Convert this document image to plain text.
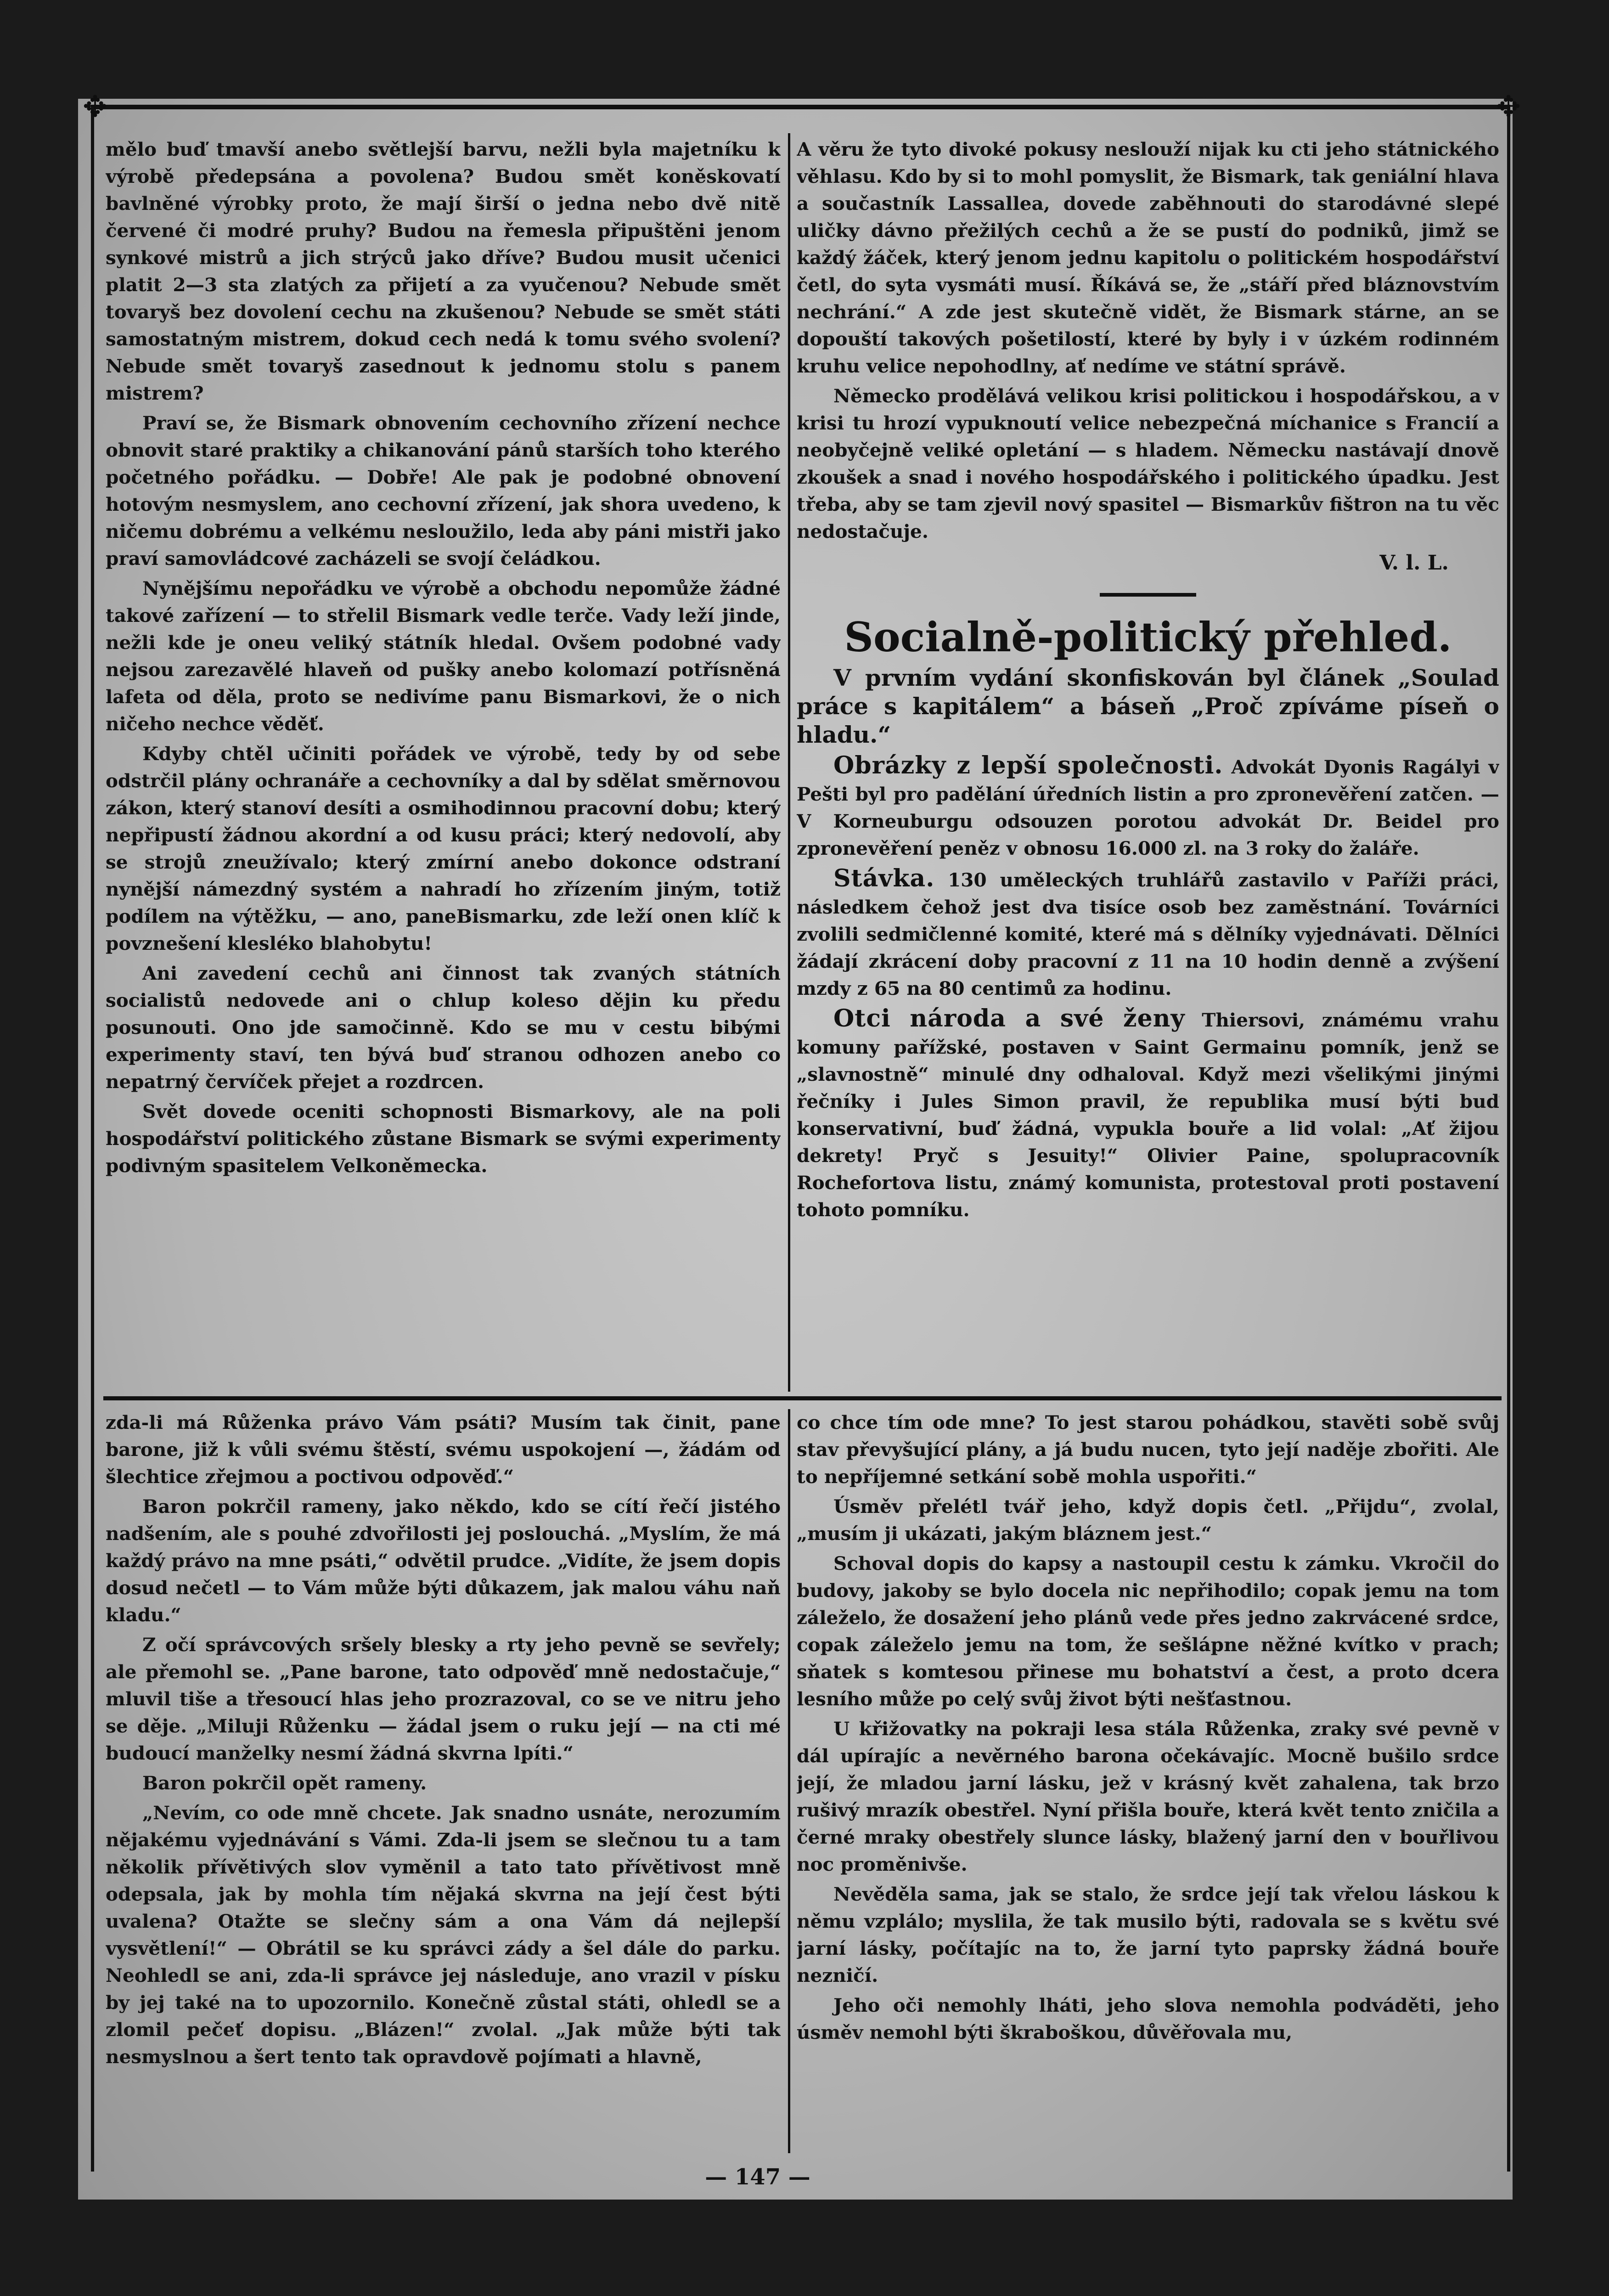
✥	✥

mělo buď tmavší anebo světlejší barvu, nežli byla majetníku k výrobě předepsána a povolena? Budou smět koněskovatí bavlněné výrobky proto, že mají širší o jedna nebo dvě nitě červené či modré pruhy? Budou na řemesla připuštěni jenom synkové mistrů a jich strýců jako dříve? Budou musit učenici platit 2—3 sta zlatých za přijetí a za vyučenou? Nebude smět tovaryš bez dovolení cechu na zkušenou? Nebude se smět státi samostatným mistrem, dokud cech nedá k tomu svého svolení? Nebude smět tovaryš zasednout k jednomu stolu s panem mistrem?

Praví se, že Bismark obnovením cechovního zřízení nechce obnovit staré praktiky a chikanování pánů starších toho kterého početného pořádku. — Dobře! Ale pak je podobné obnovení hotovým nesmyslem, ano cechovní zřízení, jak shora uvedeno, k ničemu dobrému a velkému nesloužilo, leda aby páni mistři jako praví samovládcové zacházeli se svojí čeládkou.

Nynějšímu nepořádku ve výrobě a obchodu nepomůže žádné takové zařízení — to střelil Bismark vedle terče. Vady leží jinde, nežli kde je oneu veliký státník hledal. Ovšem podobné vady nejsou zarezavělé hlaveň od pušky anebo kolomazí potřísněná lafeta od děla, proto se nedivíme panu Bismarkovi, že o nich ničeho nechce věděť.

Kdyby chtěl učiniti pořádek ve výrobě, tedy by od sebe odstrčil plány ochranáře a cechovníky a dal by sdělat směrnovou zákon, který stanoví desíti a osmihodinnou pracovní dobu; který nepřipustí žádnou akordní a od kusu práci; který nedovolí, aby se strojů zneužívalo; který zmírní anebo dokonce odstraní nynější námezdný systém a nahradí ho zřízením jiným, totiž podílem na výtěžku, — ano, paneBismarku, zde leží onen klíč k povznešení klesléko blahobytu!

Ani zavedení cechů ani činnost tak zvaných státních socialistů nedovede ani o chlup koleso dějin ku předu posunouti. Ono jde samočinně. Kdo se mu v cestu bibými experimenty staví, ten bývá buď stranou odhozen anebo co nepatrný červíček přejet a rozdrcen.

Svět dovede oceniti schopnosti Bismarkovy, ale na poli hospodářství politického zůstane Bismark se svými experimenty podivným spasitelem Velkoněmecka.

A věru že tyto divoké pokusy neslouží nijak ku cti jeho státnického věhlasu. Kdo by si to mohl pomyslit, že Bismark, tak geniální hlava a součastník Lassallea, dovede zaběhnouti do starodávné slepé uličky dávno přežilých cechů a že se pustí do podniků, jimž se každý žáček, který jenom jednu kapitolu o politickém hospodářství četl, do syta vysmáti musí. Říkává se, že „stáří před bláznovstvím nechrání.“ A zde jest skutečně vidět, že Bismark stárne, an se dopouští takových pošetilostí, které by byly i v úzkém rodinném kruhu velice nepohodlny, ať nedíme ve státní správě.

Německo prodělává velikou krisi politickou i hospodářskou, a v krisi tu hrozí vypuknoutí velice nebezpečná míchanice s Francií a neobyčejně veliké opletání — s hladem. Německu nastávají dnově zkoušek a snad i nového hospodářského i politického úpadku. Jest třeba, aby se tam zjevil nový spasitel — Bismarkův fištron na tu věc nedostačuje.

V. l. L.
Socialně-politický přehled.

V prvním vydání skonfiskován byl článek „Soulad práce s kapitálem“ a báseň „Proč zpíváme píseň o hladu.“

Obrázky z lepší společnosti. Advokát Dyonis Ragályi v Pešti byl pro padělání úředních listin a pro zpronevěření zatčen. — V Korneuburgu odsouzen porotou advokát Dr. Beidel pro zpronevěření peněz v obnosu 16.000 zl. na 3 roky do žaláře.

Stávka. 130 uměleckých truhlářů zastavilo v Paříži práci, následkem čehož jest dva tisíce osob bez zaměstnání. Továrníci zvolili sedmičlenné komité, které má s dělníky vyjednávati. Dělníci žádají zkrácení doby pracovní z 11 na 10 hodin denně a zvýšení mzdy z 65 na 80 centimů za hodinu.

Otci národa a své ženy Thiersovi, známému vrahu komuny pařížské, postaven v Saint Germainu pomník, jenž se „slavnostně“ minulé dny odhaloval. Když mezi všelikými jinými řečníky i Jules Simon pravil, že republika musí býti buď konservativní, buď žádná, vypukla bouře a lid volal: „Ať žijou dekrety! Pryč s Jesuity!“ Olivier Paine, spolupracovník Rochefortova listu, známý komunista, protestoval proti postavení tohoto pomníku.

zda-li má Růženka právo Vám psáti? Musím tak činit, pane barone, již k vůli svému štěstí, svému uspokojení —, žádám od šlechtice zřejmou a poctivou odpověď.“

Baron pokrčil rameny, jako někdo, kdo se cítí řečí jistého nadšením, ale s pouhé zdvořilosti jej poslouchá. „Myslím, že má každý právo na mne psáti,“ odvětil prudce. „Vidíte, že jsem dopis dosud nečetl — to Vám může býti důkazem, jak malou váhu naň kladu.“

Z očí správcových sršely blesky a rty jeho pevně se sevřely; ale přemohl se. „Pane barone, tato odpověď mně nedostačuje,“ mluvil tiše a třesoucí hlas jeho prozrazoval, co se ve nitru jeho se děje. „Miluji Růženku — žádal jsem o ruku její — na cti mé budoucí manželky nesmí žádná skvrna lpíti.“

Baron pokrčil opět rameny.

„Nevím, co ode mně chcete. Jak snadno usnáte, nerozumím nějakému vyjednávání s Vámi. Zda-li jsem se slečnou tu a tam několik přívětivých slov vyměnil a tato tato přívětivost mně odepsala, jak by mohla tím nějaká skvrna na její čest býti uvalena? Otažte se slečny sám a ona Vám dá nejlepší vysvětlení!“ — Obrátil se ku správci zády a šel dále do parku. Neohledl se ani, zda-li správce jej následuje, ano vrazil v písku by jej také na to upozornilo. Konečně zůstal státi, ohledl se a zlomil pečeť dopisu. „Blázen!“ zvolal. „Jak může býti tak nesmyslnou a šert tento tak opravdově pojímati a hlavně,

co chce tím ode mne? To jest starou pohádkou, stavěti sobě svůj stav převyšující plány, a já budu nucen, tyto její naděje zbořiti. Ale to nepříjemné setkání sobě mohla uspořiti.“

Úsměv přelétl tvář jeho, když dopis četl. „Přijdu“, zvolal, „musím ji ukázati, jakým bláznem jest.“

Schoval dopis do kapsy a nastoupil cestu k zámku. Vkročil do budovy, jakoby se bylo docela nic nepřihodilo; copak jemu na tom záleželo, že dosažení jeho plánů vede přes jedno zakrvácené srdce, copak záleželo jemu na tom, že sešlápne něžné kvítko v prach; sňatek s komtesou přinese mu bohatství a čest, a proto dcera lesního může po celý svůj život býti nešťastnou.

U křižovatky na pokraji lesa stála Růženka, zraky své pevně v dál upírajíc a nevěrného barona očekávajíc. Mocně bušilo srdce její, že mladou jarní lásku, jež v krásný květ zahalena, tak brzo rušivý mrazík obestřel. Nyní přišla bouře, která květ tento zničila a černé mraky obestřely slunce lásky, blažený jarní den v bouřlivou noc proměnivše.

Nevěděla sama, jak se stalo, že srdce její tak vřelou láskou k němu vzplálo; myslila, že tak musilo býti, radovala se s květu své jarní lásky, počítajíc na to, že jarní tyto paprsky žádná bouře nezničí.

Jeho oči nemohly lháti, jeho slova nemohla podváděti, jeho úsměv nemohl býti škraboškou, důvěřovala mu,

— 147 —
